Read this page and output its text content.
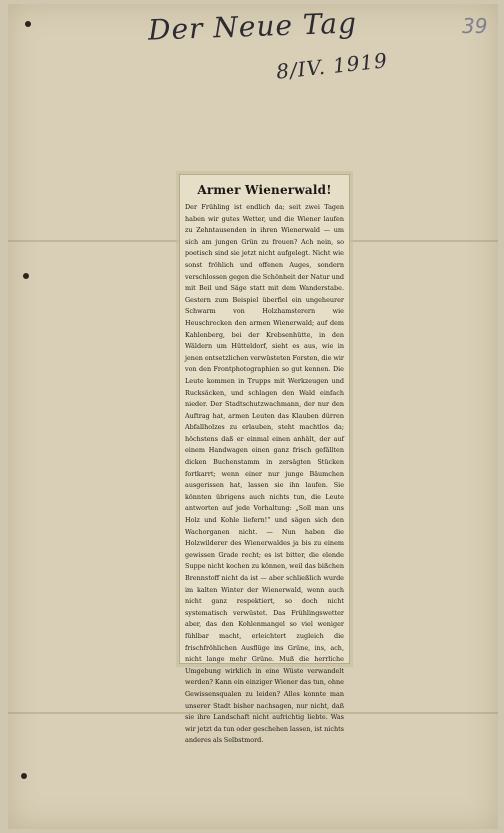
Der Neue Tag
8/IV. 1919
39
Armer Wienerwald!
Der Frühling ist endlich da; seit zwei Tagen haben wir gutes Wetter, und die Wiener laufen zu Zehntausenden in ihren Wienerwald — um sich am jungen Grün zu freuen? Ach nein, so poetisch sind sie jetzt nicht aufgelegt. Nicht wie sonst fröhlich und offenen Auges, sondern verschlossen gegen die Schönheit der Natur und mit Beil und Säge statt mit dem Wanderstabe. Gestern zum Beispiel überfiel ein ungeheurer Schwarm von Holzhamsterern wie Heuschrecken den armen Wienerwald; auf dem Kahlenberg, bei der Krebsenhütte, in den Wäldern um Hütteldorf, sieht es aus, wie in jenen entsetzlichen verwüsteten Forsten, die wir von den Frontphotographien so gut kennen. Die Leute kommen in Trupps mit Werkzeugen und Rucksäcken, und schlagen den Wald einfach nieder. Der Stadtschutzwachmann, der nur den Auftrag hat, armen Leuten das Klauben dürren Abfallholzes zu erlauben, steht machtlos da; höchstens daß er einmal einen anhält, der auf einem Handwagen einen ganz frisch gefällten dicken Buchenstamm in zersägten Stücken fortkarrt; wenn einer nur junge Bäumchen ausgerissen hat, lassen sie ihn laufen. Sie könnten übrigens auch nichts tun, die Leute antworten auf jede Vorhaltung: „Soll man uns Holz und Kohle liefern!“ und sägen sich den Wachorganen nicht. — Nun haben die Holzwilderer des Wienerwaldes ja bis zu einem gewissen Grade recht; es ist bitter, die elende Suppe nicht kochen zu können, weil das bißchen Brennstoff nicht da ist — aber schließlich wurde im kalten Winter der Wienerwald, wenn auch nicht ganz respektiert, so doch nicht systematisch verwüstet. Das Frühlingswetter aber, das den Kohlenmangel so viel weniger fühlbar macht, erleichtert zugleich die frischfröhlichen Ausflüge ins Grüne, ins, ach, nicht lange mehr Grüne. Muß die herrliche Umgebung wirklich in eine Wüste verwandelt werden? Kann ein einziger Wiener das tun, ohne Gewissensqualen zu leiden? Alles konnte man unserer Stadt bisher nachsagen, nur nicht, daß sie ihre Landschaft nicht aufrichtig liebte. Was wir jetzt da tun oder geschehen lassen, ist nichts anderes als Selbstmord.
